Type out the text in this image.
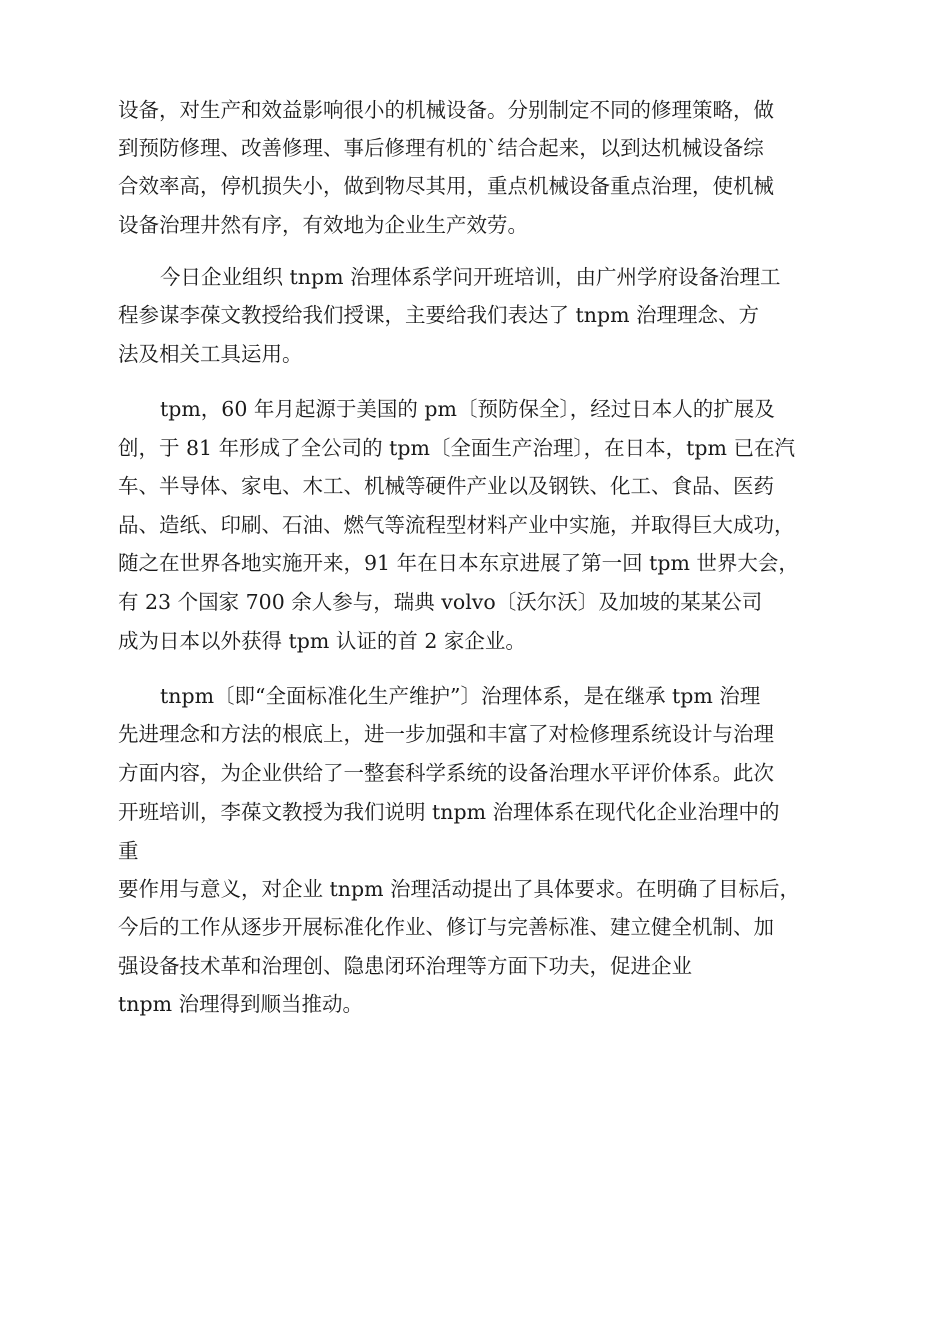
设备，对生产和效益影响很小的机械设备。分别制定不同的修理策略，做
到预防修理、改善修理、事后修理有机的`结合起来，以到达机械设备综
合效率高，停机损失小，做到物尽其用，重点机械设备重点治理，使机械
设备治理井然有序，有效地为企业生产效劳。
今日企业组织 tnpm 治理体系学问开班培训，由广州学府设备治理工
程参谋李葆文教授给我们授课，主要给我们表达了 tnpm 治理理念、方
法及相关工具运用。
tpm，60 年月起源于美国的 pm〔预防保全〕，经过日本人的扩展及
创，于 81 年形成了全公司的 tpm〔全面生产治理〕，在日本，tpm 已在汽
车、半导体、家电、木工、机械等硬件产业以及钢铁、化工、食品、医药
品、造纸、印刷、石油、燃气等流程型材料产业中实施，并取得巨大成功，
随之在世界各地实施开来，91 年在日本东京进展了第一回 tpm 世界大会，
有 23 个国家 700 余人参与，瑞典 volvo〔沃尔沃〕及加坡的某某公司
成为日本以外获得 tpm 认证的首 2 家企业。
tnpm〔即“全面标准化生产维护”〕治理体系，是在继承 tpm 治理
先进理念和方法的根底上，进一步加强和丰富了对检修理系统设计与治理
方面内容，为企业供给了一整套科学系统的设备治理水平评价体系。此次
开班培训，李葆文教授为我们说明 tnpm 治理体系在现代化企业治理中的
重
要作用与意义，对企业 tnpm 治理活动提出了具体要求。在明确了目标后，
今后的工作从逐步开展标准化作业、修订与完善标准、建立健全机制、加
强设备技术革和治理创、隐患闭环治理等方面下功夫，促进企业
tnpm 治理得到顺当推动。
